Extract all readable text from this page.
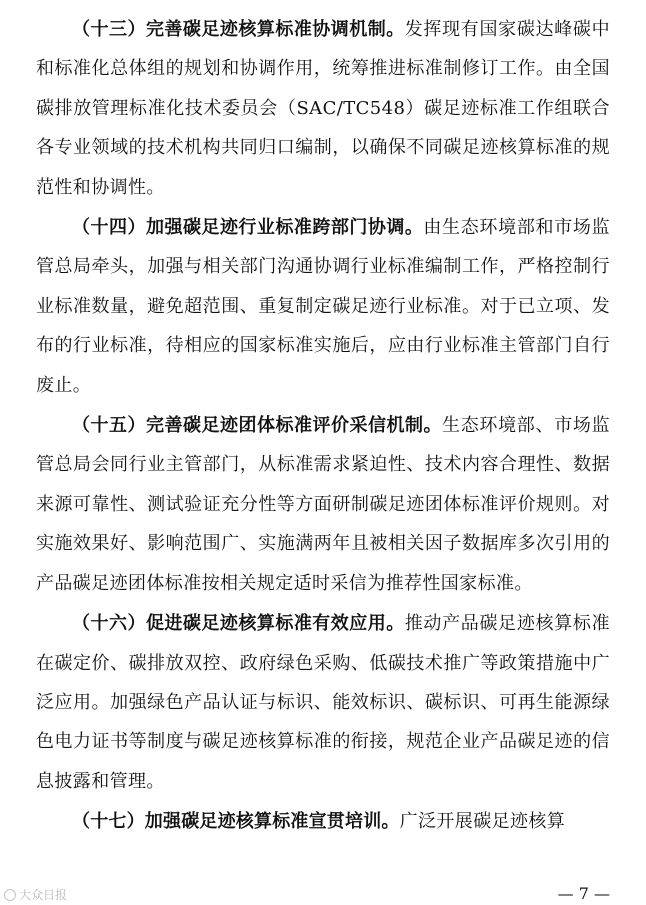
（十三）完善碳足迹核算标准协调机制。发挥现有国家碳达峰碳中和标准化总体组的规划和协调作用，统筹推进标准制修订工作。由全国碳排放管理标准化技术委员会（SAC/TC548）碳足迹标准工作组联合各专业领域的技术机构共同归口编制，以确保不同碳足迹核算标准的规范性和协调性。

（十四）加强碳足迹行业标准跨部门协调。由生态环境部和市场监管总局牵头，加强与相关部门沟通协调行业标准编制工作，严格控制行业标准数量，避免超范围、重复制定碳足迹行业标准。对于已立项、发布的行业标准，待相应的国家标准实施后，应由行业标准主管部门自行废止。

（十五）完善碳足迹团体标准评价采信机制。生态环境部、市场监管总局会同行业主管部门，从标准需求紧迫性、技术内容合理性、数据来源可靠性、测试验证充分性等方面研制碳足迹团体标准评价规则。对实施效果好、影响范围广、实施满两年且被相关因子数据库多次引用的产品碳足迹团体标准按相关规定适时采信为推荐性国家标准。

（十六）促进碳足迹核算标准有效应用。推动产品碳足迹核算标准在碳定价、碳排放双控、政府绿色采购、低碳技术推广等政策措施中广泛应用。加强绿色产品认证与标识、能效标识、碳标识、可再生能源绿色电力证书等制度与碳足迹核算标准的衔接，规范企业产品碳足迹的信息披露和管理。

（十七）加强碳足迹核算标准宣贯培训。广泛开展碳足迹核算

大众日报	— 7 —
